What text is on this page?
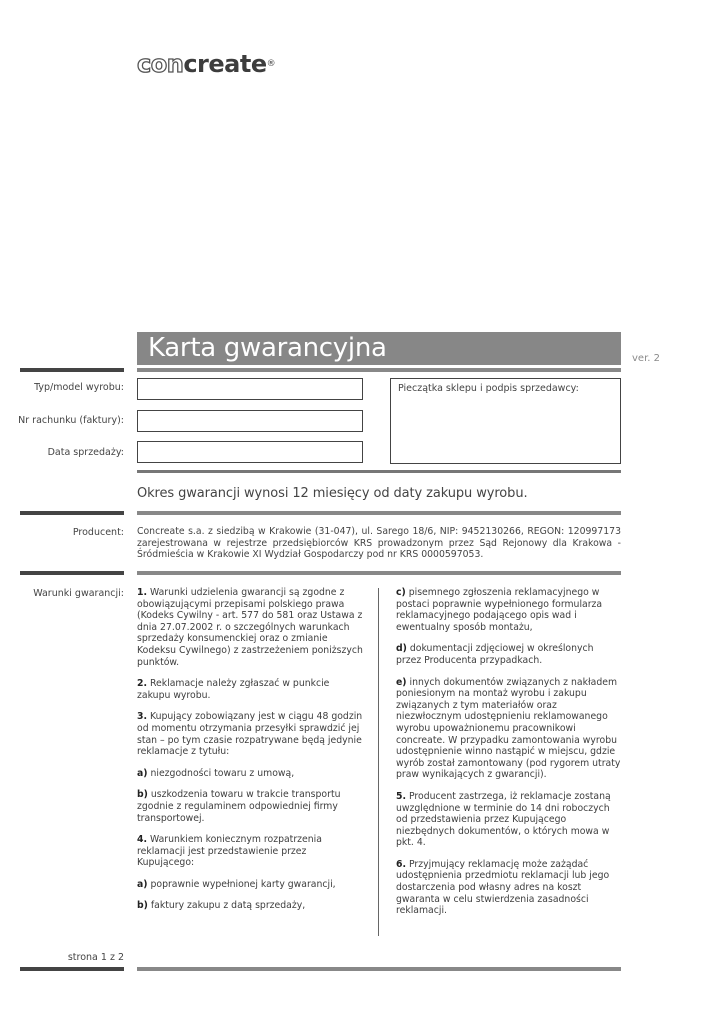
concreate®
Karta gwarancyjna	ver. 2
Typ/model wyrobu:
Nr rachunku (faktury):
Data sprzedaży:
Pieczątka sklepu i podpis sprzedawcy:
Okres gwarancji wynosi 12 miesięcy od daty zakupu wyrobu.
Producent: Concreate s.a. z siedzibą w Krakowie (31-047), ul. Sarego 18/6, NIP: 9452130266, REGON: 120997173 zarejestrowana w rejestrze przedsiębiorców KRS prowadzonym przez Sąd Rejonowy dla Krakowa - Śródmieścia w Krakowie XI Wydział Gospodarczy pod nr KRS 0000597053.
Warunki gwarancji: 1. Warunki udzielenia gwarancji są zgodne z obowiązującymi przepisami polskiego prawa (Kodeks Cywilny - art. 577 do 581 oraz Ustawa z dnia 27.07.2002 r. o szczególnych warunkach sprzedaży konsumenckiej oraz o zmianie Kodeksu Cywilnego) z zastrzeżeniem poniższych punktów.

2. Reklamacje należy zgłaszać w punkcie zakupu wyrobu.

3. Kupujący zobowiązany jest w ciągu 48 godzin od momentu otrzymania przesyłki sprawdzić jej stan – po tym czasie rozpatrywane będą jedynie reklamacje z tytułu:

a) niezgodności towaru z umową,

b) uszkodzenia towaru w trakcie transportu zgodnie z regulaminem odpowiedniej firmy transportowej.

4. Warunkiem koniecznym rozpatrzenia reklamacji jest przedstawienie przez Kupującego:

a) poprawnie wypełnionej karty gwarancji,

b) faktury zakupu z datą sprzedaży,

c) pisemnego zgłoszenia reklamacyjnego w postaci poprawnie wypełnionego formularza reklamacyjnego podającego opis wad i ewentualny sposób montażu,

d) dokumentacji zdjęciowej w określonych przez Producenta przypadkach.

e) innych dokumentów związanych z nakładem poniesionym na montaż wyrobu i zakupu związanych z tym materiałów oraz niezwłocznym udostępnieniu reklamowanego wyrobu upoważnionemu pracownikowi concreate. W przypadku zamontowania wyrobu udostępnienie winno nastąpić w miejscu, gdzie wyrób został zamontowany (pod rygorem utraty praw wynikających z gwarancji).

5. Producent zastrzega, iż reklamacje zostaną uwzględnione w terminie do 14 dni roboczych od przedstawienia przez Kupującego niezbędnych dokumentów, o których mowa w pkt. 4.

6. Przyjmujący reklamację może zażądać udostępnienia przedmiotu reklamacji lub jego dostarczenia pod własny adres na koszt gwaranta w celu stwierdzenia zasadności reklamacji.

strona 1 z 2
